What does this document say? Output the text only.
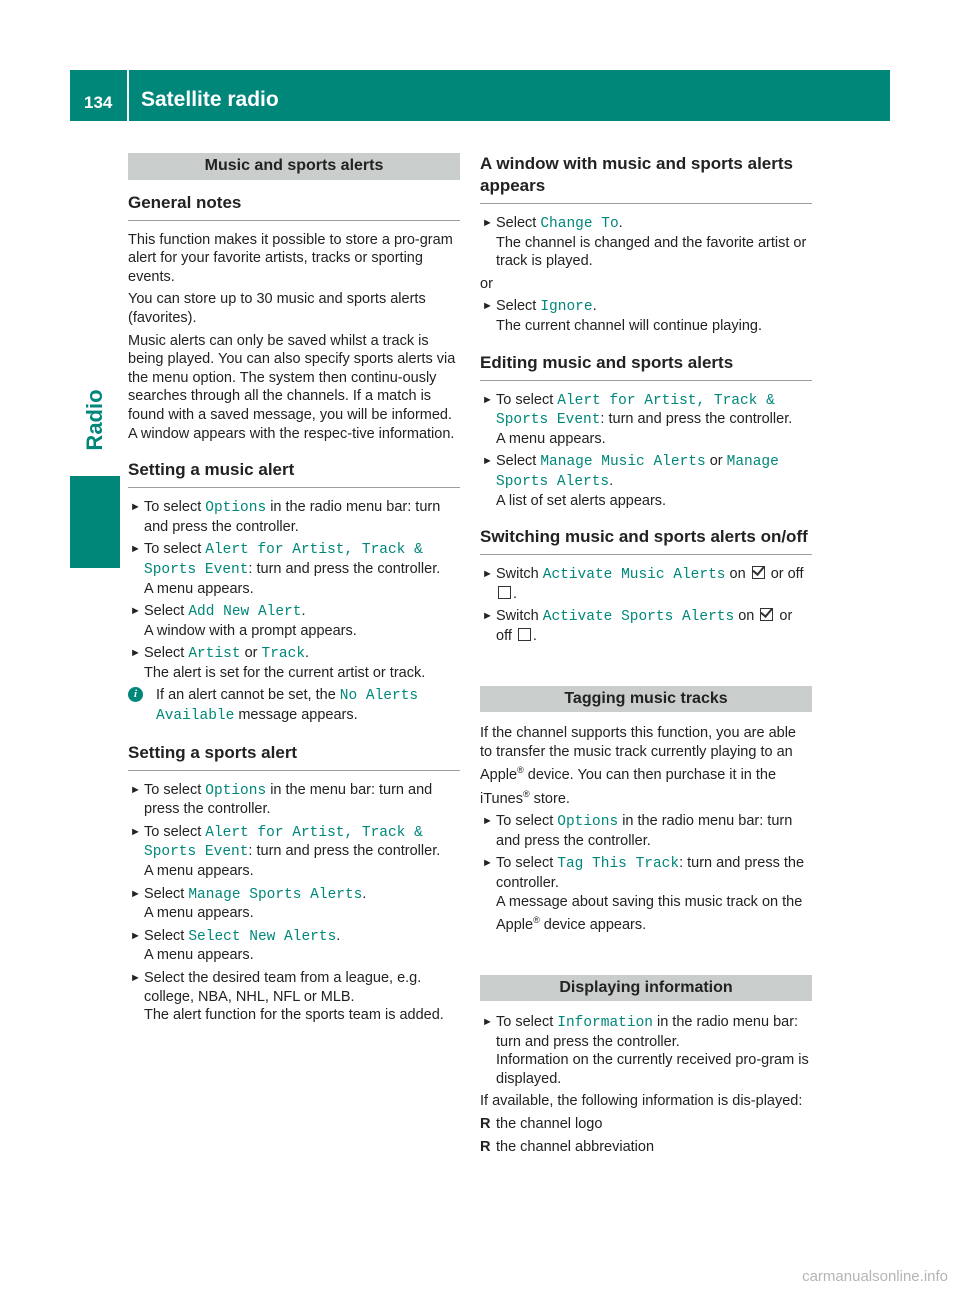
134 Satellite radio
Radio
Music and sports alerts
General notes

This function makes it possible to store a pro-gram alert for your favorite artists, tracks or sporting events.

You can store up to 30 music and sports alerts (favorites).

Music alerts can only be saved whilst a track is being played. You can also specify sports alerts via the menu option. The system then continu-ously searches through all the channels. If a match is found with a saved message, you will be informed. A window appears with the respec-tive information.

Setting a music alert
► To select Options in the radio menu bar: turn and press the controller.
► To select Alert for Artist, Track & Sports Event: turn and press the controller.
A menu appears.
► Select Add New Alert.
A window with a prompt appears.
► Select Artist or Track.
The alert is set for the current artist or track.
i	If an alert cannot be set, the No Alerts Available message appears.
Setting a sports alert
► To select Options in the menu bar: turn and press the controller.
► To select Alert for Artist, Track & Sports Event: turn and press the controller.
A menu appears.
► Select Manage Sports Alerts.
A menu appears.
► Select Select New Alerts.
A menu appears.
► Select the desired team from a league, e.g. college, NBA, NHL, NFL or MLB.
The alert function for the sports team is added.
A window with music and sports alerts appears
► Select Change To.
The channel is changed and the favorite artist or track is played.

or

► Select Ignore.
The current channel will continue playing.
Editing music and sports alerts
► To select Alert for Artist, Track & Sports Event: turn and press the controller.
A menu appears.
► Select Manage Music Alerts or Manage Sports Alerts.
A list of set alerts appears.
Switching music and sports alerts on/off
► Switch Activate Music Alerts on  or off .
► Switch Activate Sports Alerts on  or off .
Tagging music tracks

If the channel supports this function, you are able to transfer the music track currently playing to an Apple® device. You can then purchase it in the iTunes® store.

► To select Options in the radio menu bar: turn and press the controller.
► To select Tag This Track: turn and press the controller.
A message about saving this music track on the Apple® device appears.
Displaying information
► To select Information in the radio menu bar: turn and press the controller.
Information on the currently received pro-gram is displayed.

If available, the following information is dis-played:

R the channel logo
R the channel abbreviation
carmanualsonline.info
